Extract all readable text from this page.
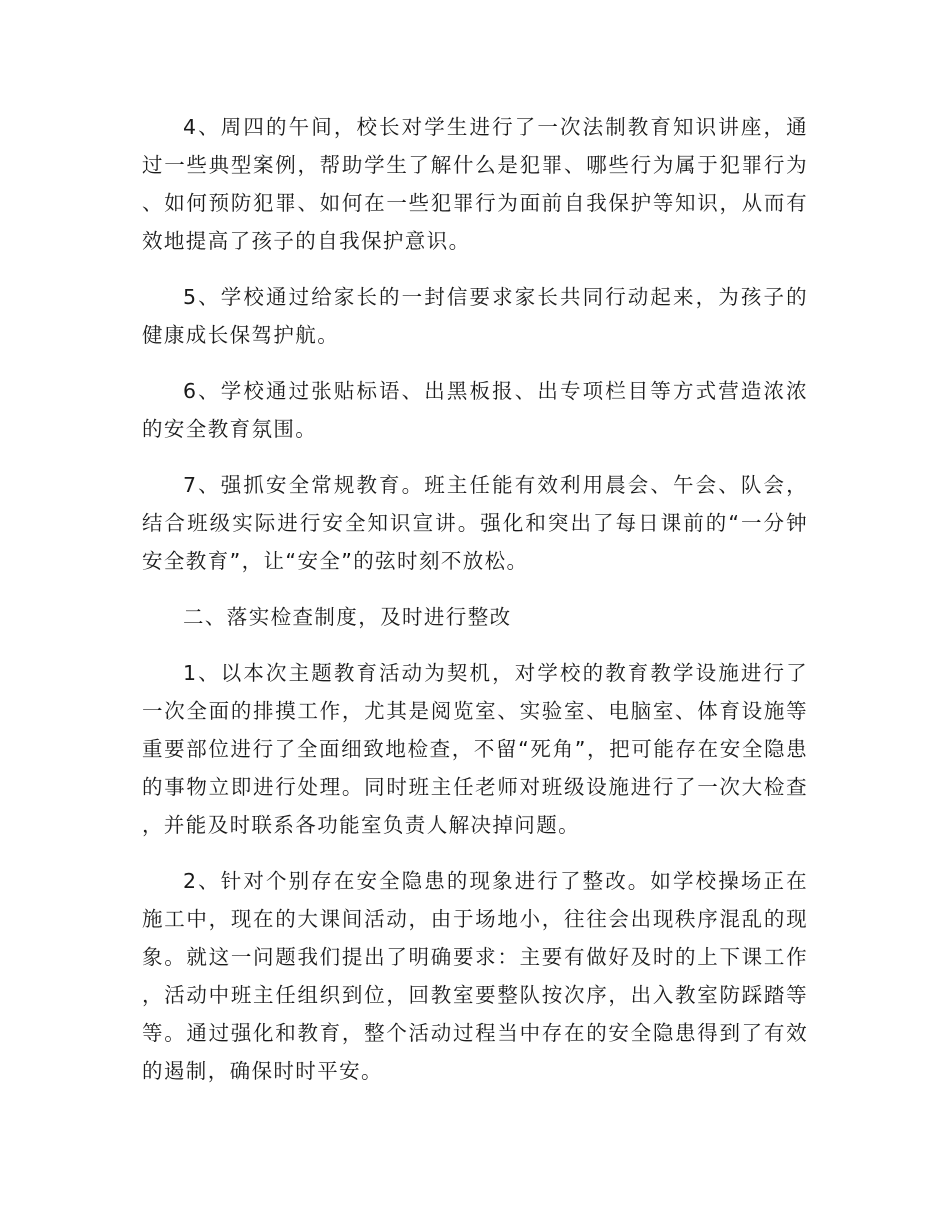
4、周四的午间，校长对学生进行了一次法制教育知识讲座，通过一些典型案例，帮助学生了解什么是犯罪、哪些行为属于犯罪行为、如何预防犯罪、如何在一些犯罪行为面前自我保护等知识，从而有效地提高了孩子的自我保护意识。

5、学校通过给家长的一封信要求家长共同行动起来，为孩子的健康成长保驾护航。

6、学校通过张贴标语、出黑板报、出专项栏目等方式营造浓浓的安全教育氛围。

7、强抓安全常规教育。班主任能有效利用晨会、午会、队会，结合班级实际进行安全知识宣讲。强化和突出了每日课前的“一分钟安全教育”，让“安全”的弦时刻不放松。

二、落实检查制度，及时进行整改

1、以本次主题教育活动为契机，对学校的教育教学设施进行了一次全面的排摸工作，尤其是阅览室、实验室、电脑室、体育设施等重要部位进行了全面细致地检查，不留“死角”，把可能存在安全隐患的事物立即进行处理。同时班主任老师对班级设施进行了一次大检查，并能及时联系各功能室负责人解决掉问题。

2、针对个别存在安全隐患的现象进行了整改。如学校操场正在施工中，现在的大课间活动，由于场地小，往往会出现秩序混乱的现象。就这一问题我们提出了明确要求：主要有做好及时的上下课工作，活动中班主任组织到位，回教室要整队按次序，出入教室防踩踏等等。通过强化和教育，整个活动过程当中存在的安全隐患得到了有效的遏制，确保时时平安。
